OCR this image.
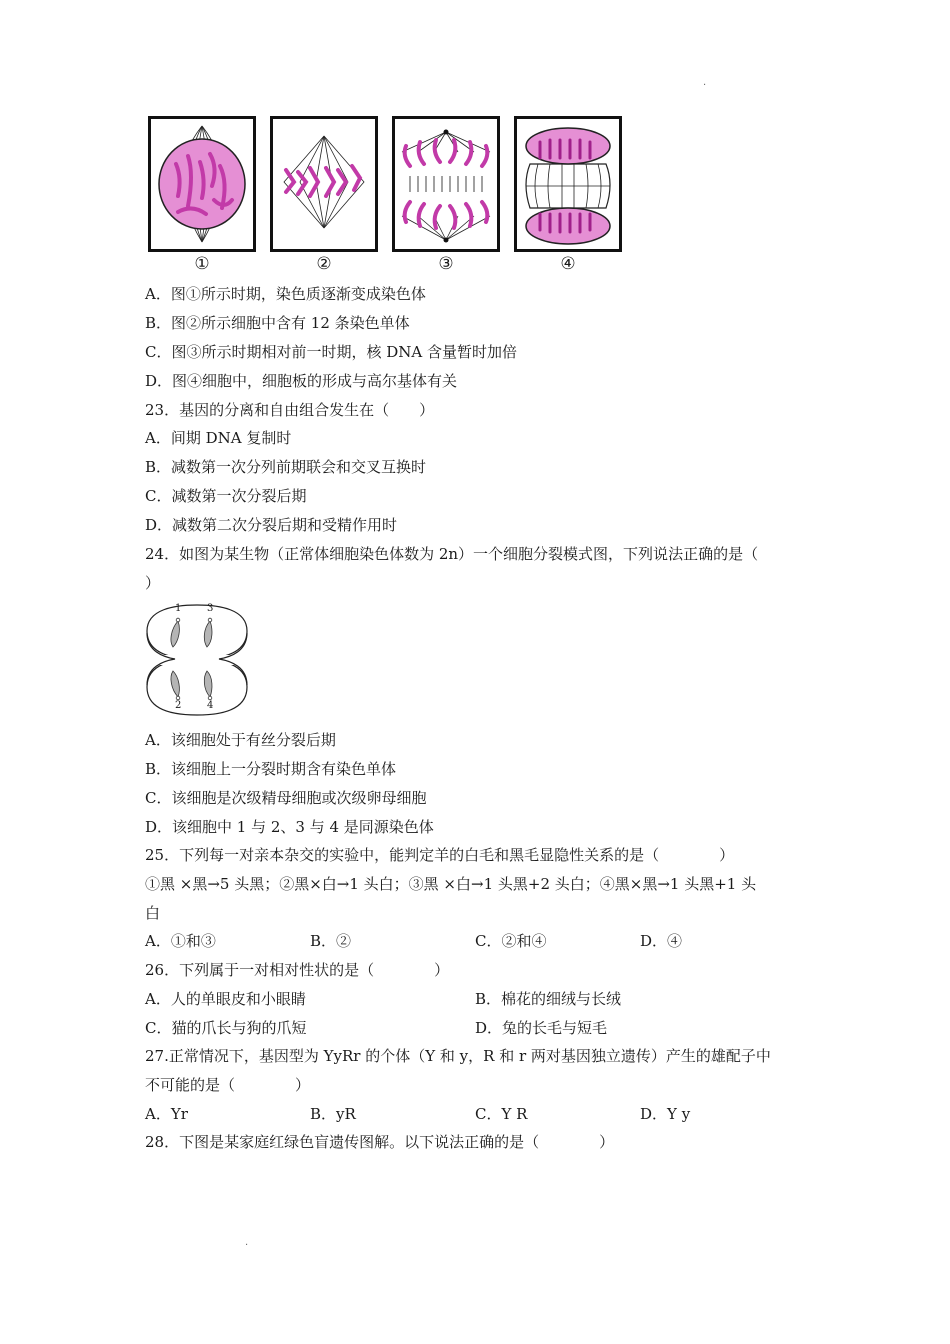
·
①	②	③	④
A．图①所示时期，染色质逐渐变成染色体
B．图②所示细胞中含有 12 条染色单体
C．图③所示时期相对前一时期，核 DNA 含量暂时加倍
D．图④细胞中，细胞板的形成与高尔基体有关
23．基因的分离和自由组合发生在（　　）
A．间期 DNA 复制时
B．减数第一次分列前期联会和交叉互换时
C．减数第一次分裂后期
D．减数第二次分裂后期和受精作用时
24．如图为某生物（正常体细胞染色体数为 2n）一个细胞分裂模式图，下列说法正确的是（
）
1	3
2	4
A．该细胞处于有丝分裂后期
B．该细胞上一分裂时期含有染色单体
C．该细胞是次级精母细胞或次级卵母细胞
D．该细胞中 1 与 2、3 与 4 是同源染色体
25．下列每一对亲本杂交的实验中，能判定羊的白毛和黑毛显隐性关系的是（　　　　）
①黑 ×黑→5 头黑；②黑×白→1 头白；③黑 ×白→1 头黑+2 头白；④黑×黑→1 头黑+1 头
白
A．①和③	B．②	C．②和④	D．④
26．下列属于一对相对性状的是（　　　　）
A．人的单眼皮和小眼睛	B．棉花的细绒与长绒
C．猫的爪长与狗的爪短	D．兔的长毛与短毛
27.正常情况下，基因型为 YyRr 的个体（Y 和 y，R 和 r 两对基因独立遗传）产生的雄配子中
不可能的是（　　　　）
A．Yr	B．yR	C．Y R	D．Y y
28．下图是某家庭红绿色盲遗传图解。以下说法正确的是（　　　　）
·
